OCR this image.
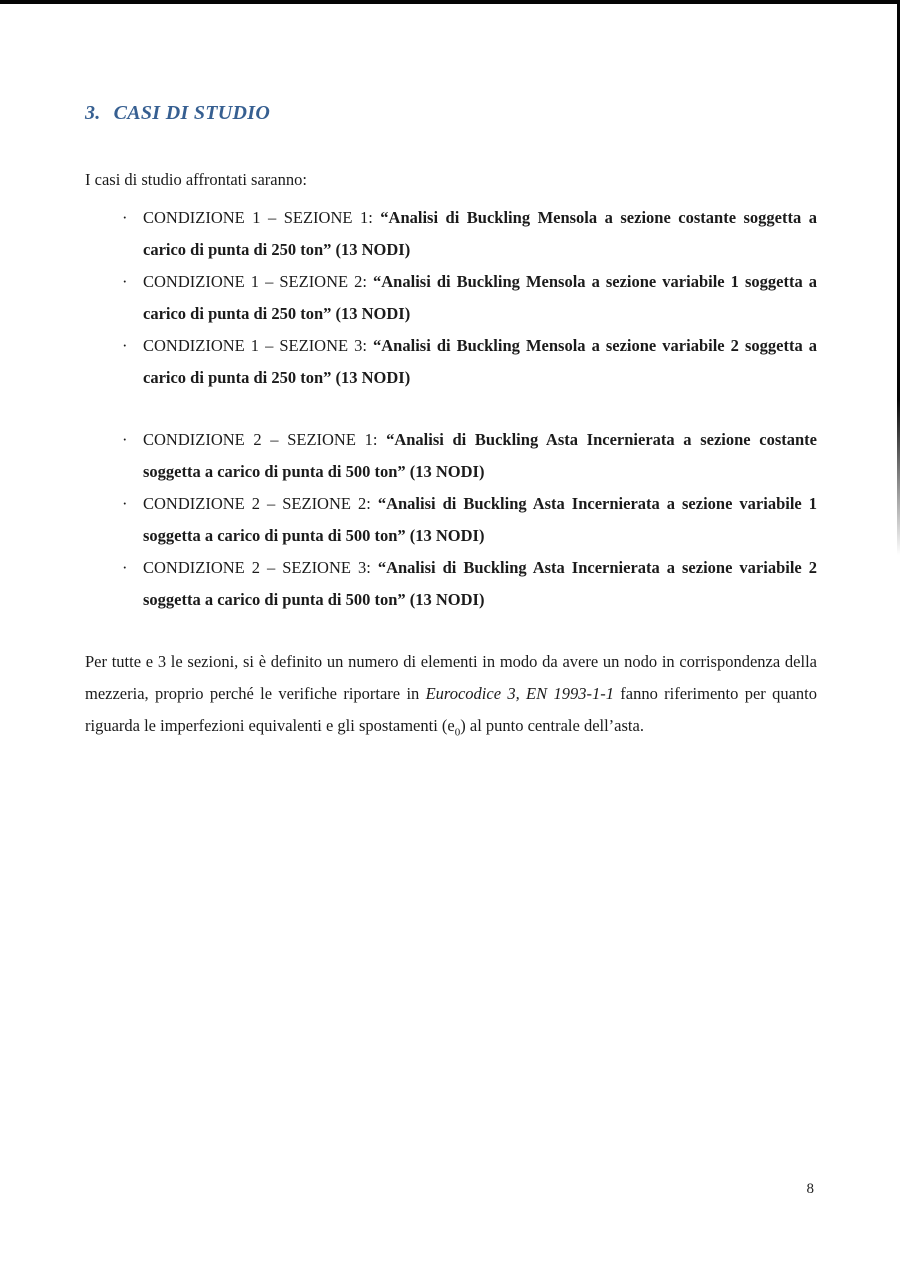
3. CASI DI STUDIO

I casi di studio affrontati saranno:

· CONDIZIONE 1 – SEZIONE 1: “Analisi di Buckling Mensola a sezione costante soggetta a carico di punta di 250 ton” (13 NODI)
· CONDIZIONE 1 – SEZIONE 2: “Analisi di Buckling Mensola a sezione variabile 1 soggetta a carico di punta di 250 ton” (13 NODI)
· CONDIZIONE 1 – SEZIONE 3: “Analisi di Buckling Mensola a sezione variabile 2 soggetta a carico di punta di 250 ton” (13 NODI)
· CONDIZIONE 2 – SEZIONE 1: “Analisi di Buckling Asta Incernierata a sezione costante soggetta a carico di punta di 500 ton” (13 NODI)
· CONDIZIONE 2 – SEZIONE 2: “Analisi di Buckling Asta Incernierata a sezione variabile 1 soggetta a carico di punta di 500 ton” (13 NODI)
· CONDIZIONE 2 – SEZIONE 3: “Analisi di Buckling Asta Incernierata a sezione variabile 2 soggetta a carico di punta di 500 ton” (13 NODI)

Per tutte e 3 le sezioni, si è definito un numero di elementi in modo da avere un nodo in corrispondenza della mezzeria, proprio perché le verifiche riportare in Eurocodice 3, EN 1993-1-1 fanno riferimento per quanto riguarda le imperfezioni equivalenti e gli spostamenti $(e_0)$ al punto centrale dell’asta.

8
